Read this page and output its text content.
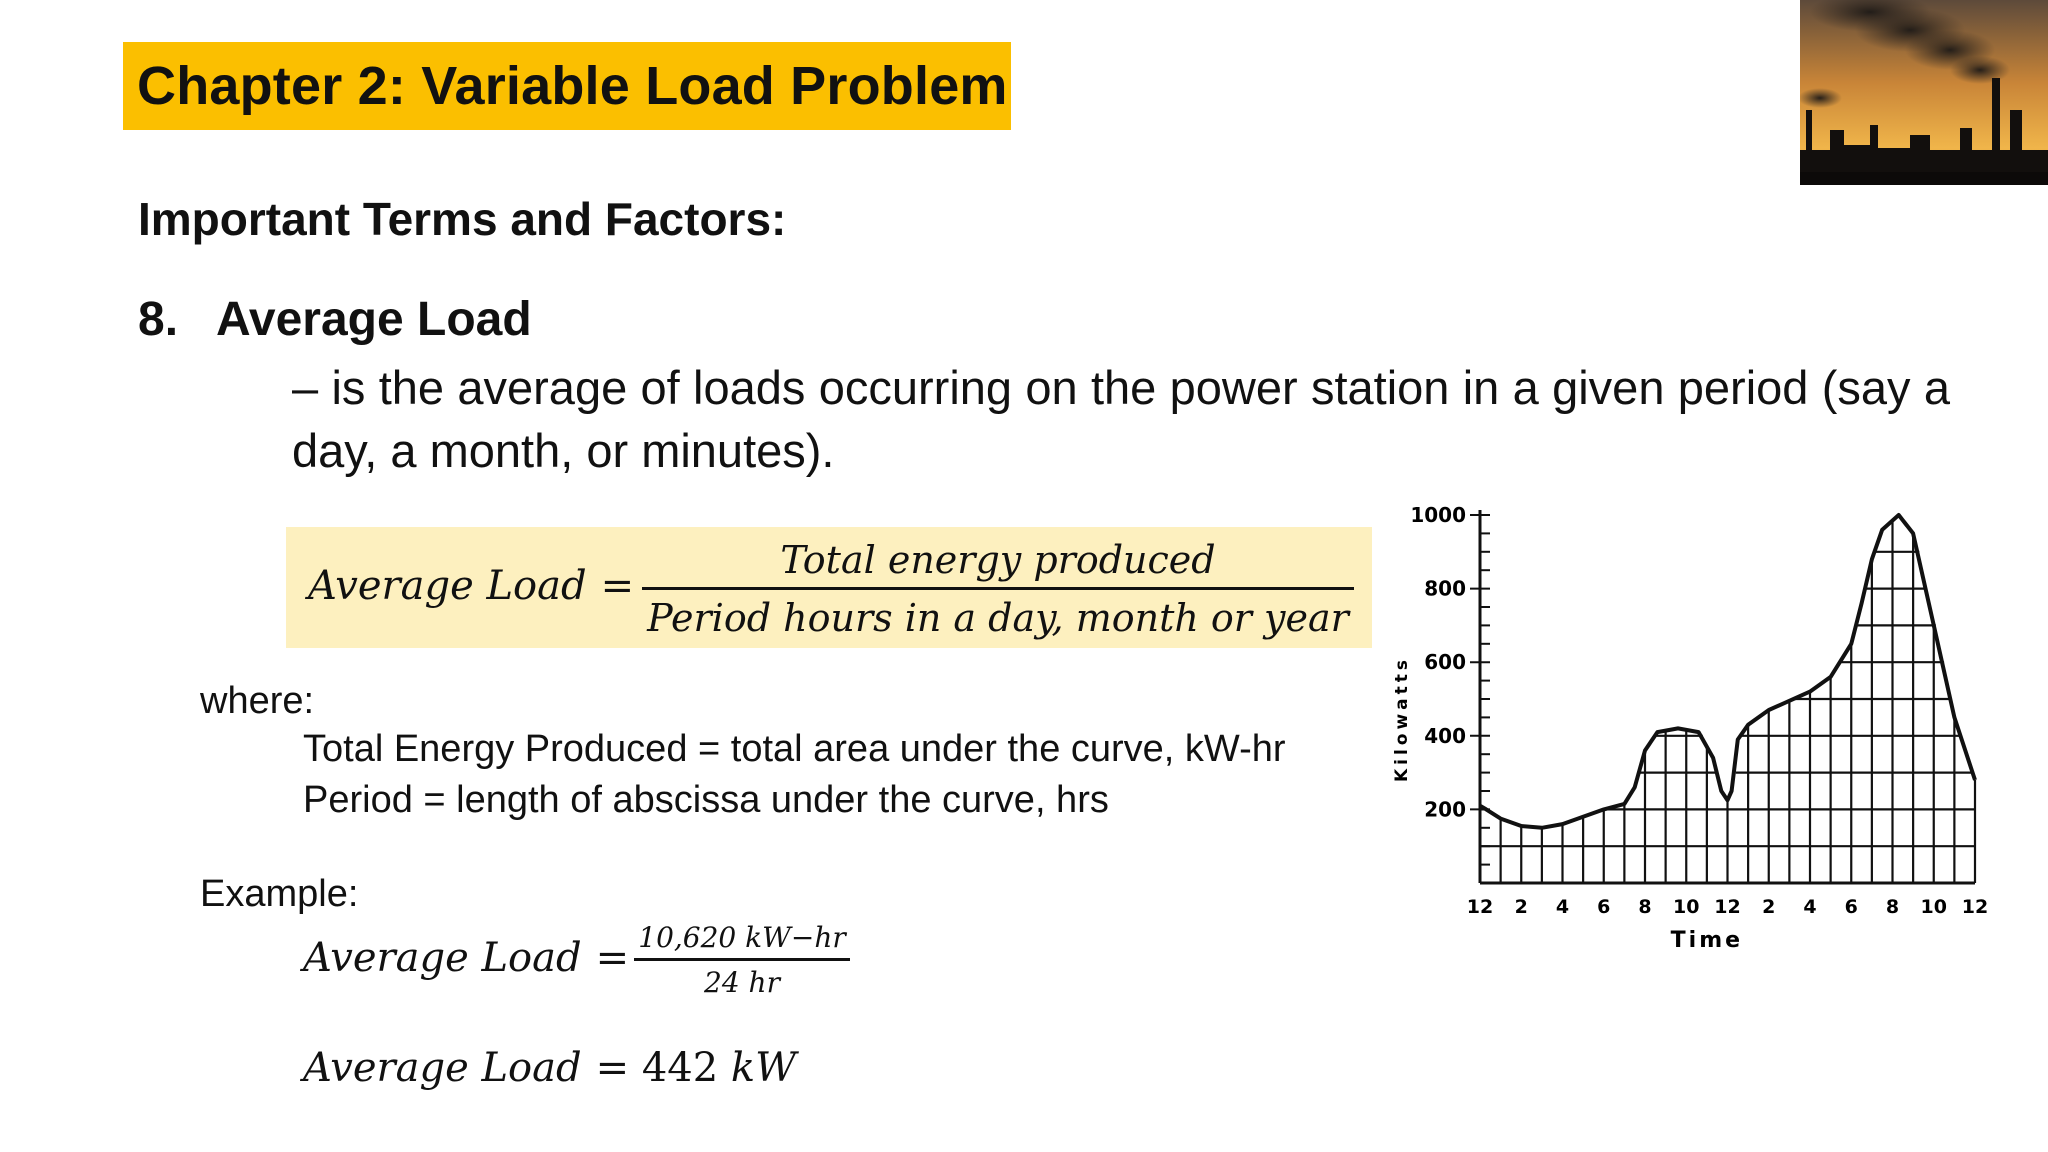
Chapter 2: Variable Load Problem

Important Terms and Factors:

8. Average Load

– is the average of loads occurring on the power station in a given period (say a day, a month, or minutes).

Average Load =
Total energy produced
Period hours in a day, month or year

where:

Total Energy Produced = total area under the curve, kW-hr

Period = length of abscissa under the curve, hrs

Example:

Average Load = 10,620 kW−hr
24 hr
Average Load = 442 kW
1000
800
600
400
200
12 2 4 6 8 10 12 2 4 6 8 10 12
Time
Kilowatts
